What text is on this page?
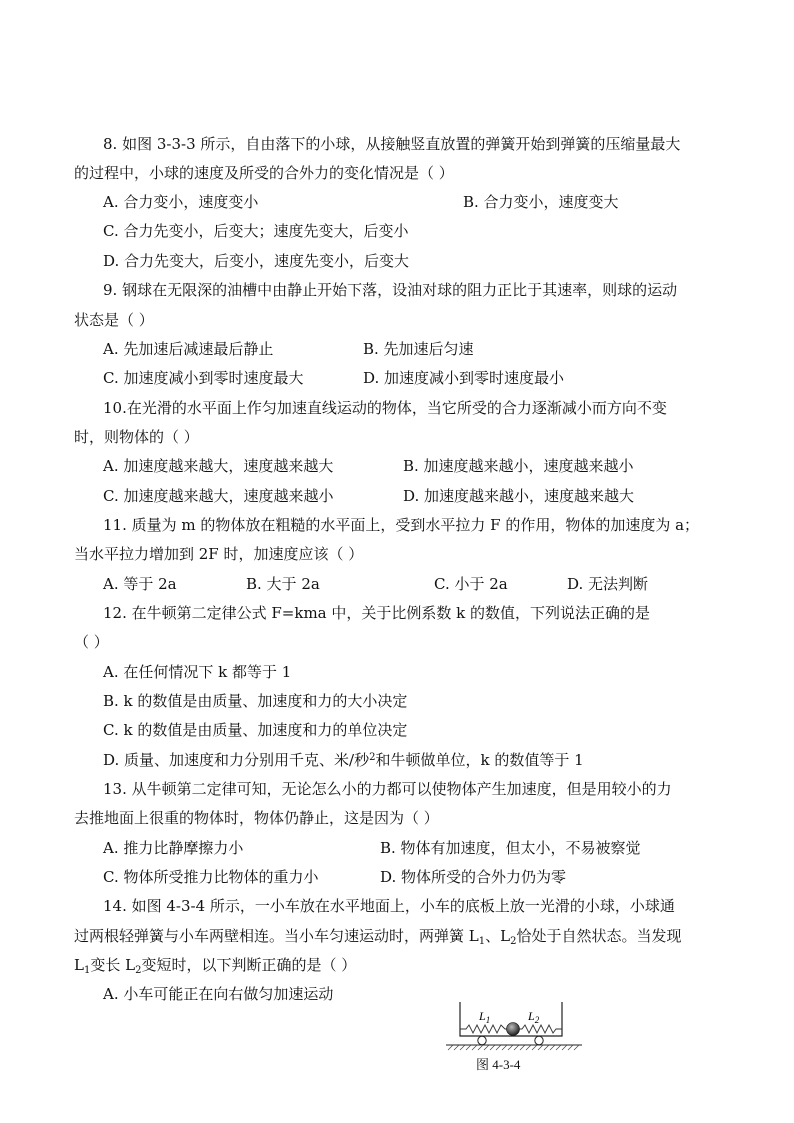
8. 如图 3-3-3 所示，自由落下的小球，从接触竖直放置的弹簧开始到弹簧的压缩量最大
的过程中，小球的速度及所受的合外力的变化情况是（ ）
A. 合力变小，速度变小	B. 合力变小，速度变大
C. 合力先变小，后变大；速度先变大，后变小
D. 合力先变大，后变小，速度先变小，后变大
9. 钢球在无限深的油槽中由静止开始下落，设油对球的阻力正比于其速率，则球的运动
状态是（ ）
A. 先加速后减速最后静止	B. 先加速后匀速
C. 加速度减小到零时速度最大	D. 加速度减小到零时速度最小
10.在光滑的水平面上作匀加速直线运动的物体，当它所受的合力逐渐减小而方向不变
时，则物体的（ ）
A. 加速度越来越大，速度越来越大	B. 加速度越来越小，速度越来越小
C. 加速度越来越大，速度越来越小	D. 加速度越来越小，速度越来越大
11. 质量为 m 的物体放在粗糙的水平面上，受到水平拉力 F 的作用，物体的加速度为 a；
当水平拉力增加到 2F 时，加速度应该（ ）
A. 等于 2a	B. 大于 2a	C. 小于 2a	D. 无法判断
12. 在牛顿第二定律公式 F=kma 中，关于比例系数 k 的数值，下列说法正确的是
（ ）
A. 在任何情况下 k 都等于 1
B. k 的数值是由质量、加速度和力的大小决定
C. k 的数值是由质量、加速度和力的单位决定
D. 质量、加速度和力分别用千克、米/秒$^2$和牛顿做单位，k 的数值等于 1
13. 从牛顿第二定律可知，无论怎么小的力都可以使物体产生加速度，但是用较小的力
去推地面上很重的物体时，物体仍静止，这是因为（ ）
A. 推力比静摩擦力小	B. 物体有加速度，但太小，不易被察觉
C. 物体所受推力比物体的重力小	D. 物体所受的合外力仍为零
14. 如图 4-3-4 所示，一小车放在水平地面上，小车的底板上放一光滑的小球，小球通
过两根轻弹簧与小车两壁相连。当小车匀速运动时，两弹簧 $L_1$、$L_2$恰处于自然状态。当发现
$L_1$变长 $L_2$变短时，以下判断正确的是（ ）
A. 小车可能正在向右做匀加速运动
$L_1$	$L_2$
图 4-3-4
